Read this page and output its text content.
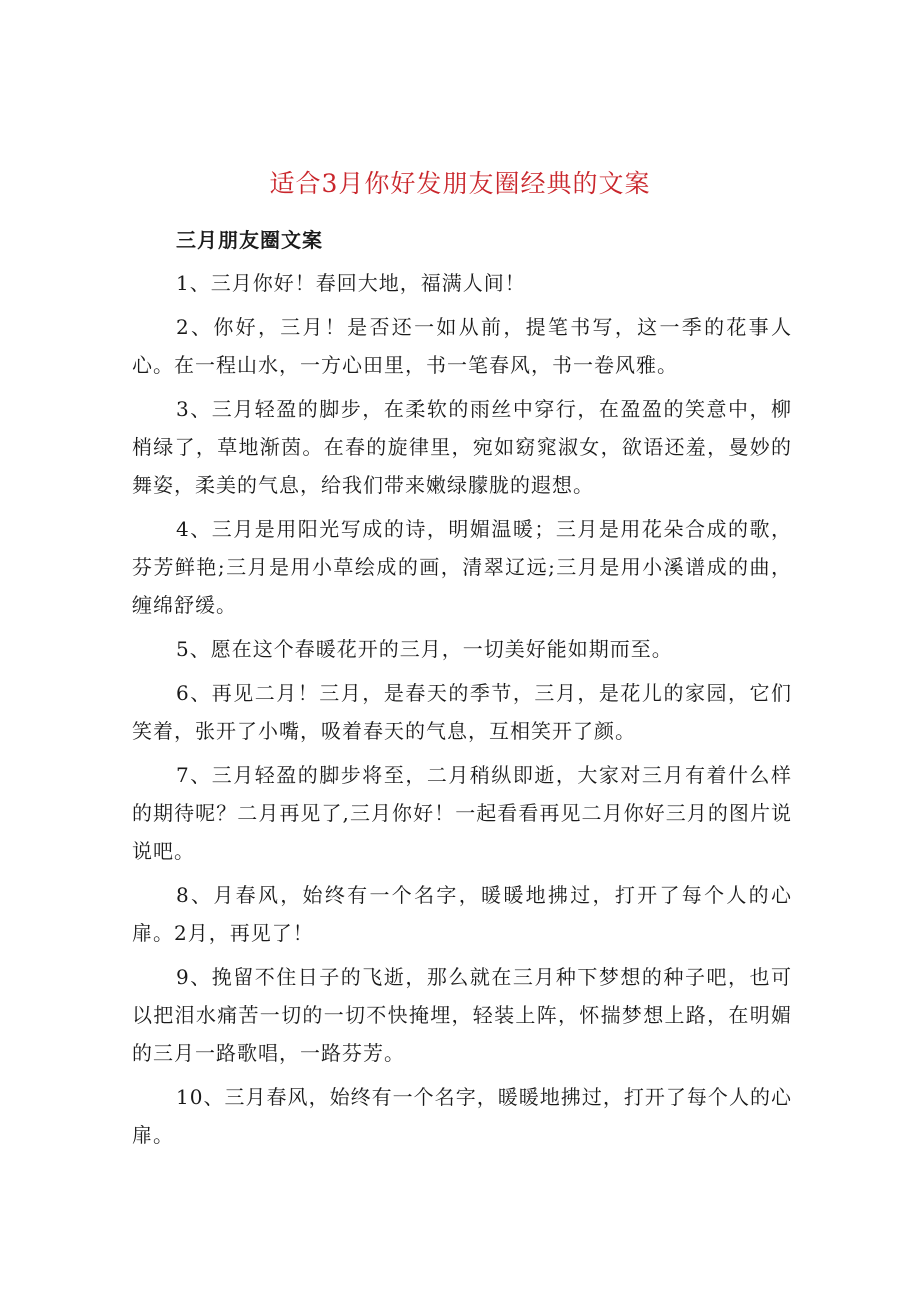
适合3月你好发朋友圈经典的文案
三月朋友圈文案

1、三月你好！春回大地，福满人间！

2、你好，三月！是否还一如从前，提笔书写，这一季的花事人心。在一程山水，一方心田里，书一笔春风，书一卷风雅。

3、三月轻盈的脚步，在柔软的雨丝中穿行，在盈盈的笑意中，柳梢绿了，草地渐茵。在春的旋律里，宛如窈窕淑女，欲语还羞，曼妙的舞姿，柔美的气息，给我们带来嫩绿朦胧的遐想。

4、三月是用阳光写成的诗，明媚温暖；三月是用花朵合成的歌，芬芳鲜艳;三月是用小草绘成的画，清翠辽远;三月是用小溪谱成的曲，缠绵舒缓。

5、愿在这个春暖花开的三月，一切美好能如期而至。

6、再见二月！三月，是春天的季节，三月，是花儿的家园，它们笑着，张开了小嘴，吸着春天的气息，互相笑开了颜。

7、三月轻盈的脚步将至，二月稍纵即逝，大家对三月有着什么样的期待呢？二月再见了,三月你好！一起看看再见二月你好三月的图片说说吧。

8、月春风，始终有一个名字，暖暖地拂过，打开了每个人的心扉。2月，再见了！

9、挽留不住日子的飞逝，那么就在三月种下梦想的种子吧，也可以把泪水痛苦一切的一切不快掩埋，轻装上阵，怀揣梦想上路，在明媚的三月一路歌唱，一路芬芳。

10、三月春风，始终有一个名字，暖暖地拂过，打开了每个人的心扉。
